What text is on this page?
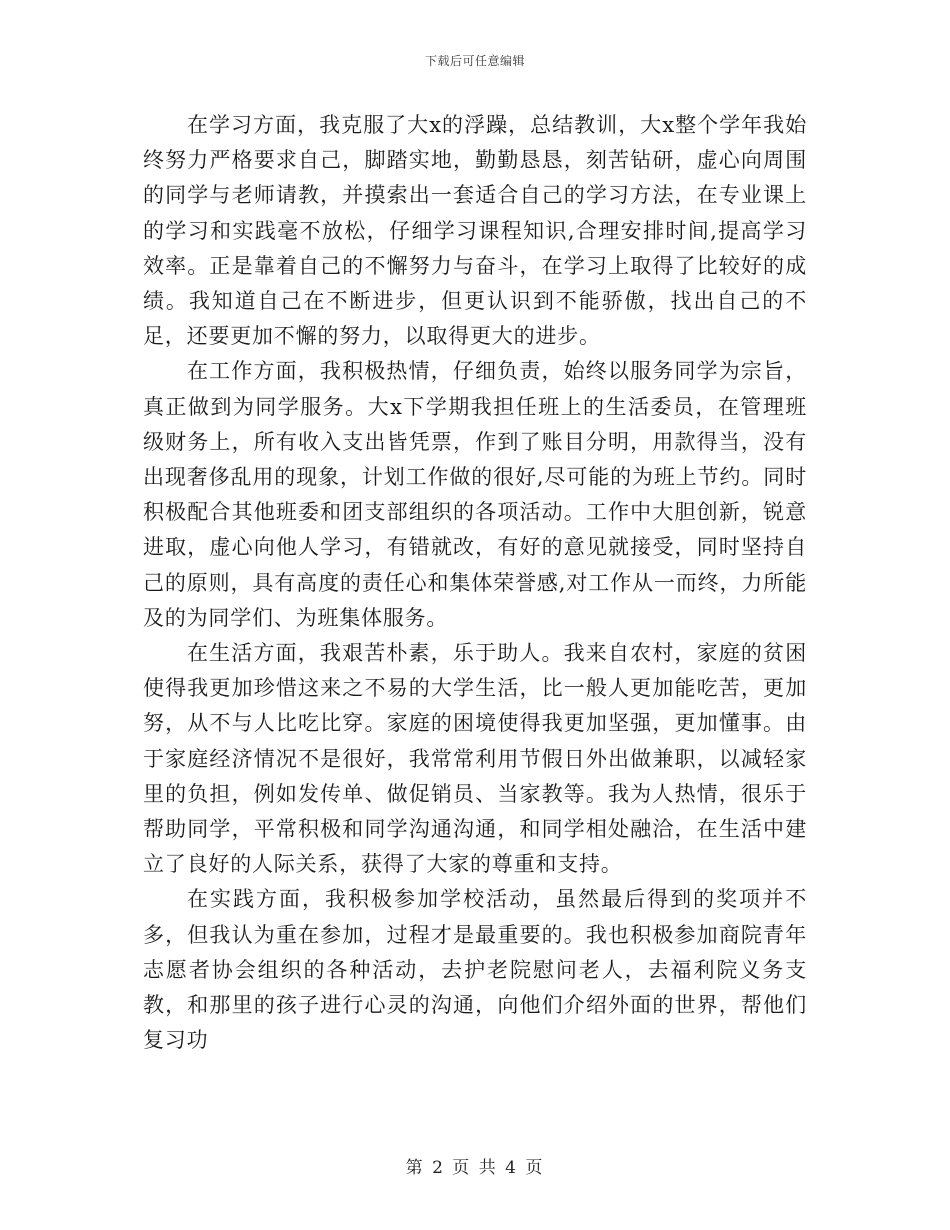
下载后可任意编辑

在学习方面，我克服了大x的浮躁，总结教训，大x整个学年我始终努力严格要求自己，脚踏实地，勤勤恳恳，刻苦钻研，虚心向周围的同学与老师请教，并摸索出一套适合自己的学习方法，在专业课上的学习和实践毫不放松，仔细学习课程知识,合理安排时间,提高学习效率。正是靠着自己的不懈努力与奋斗，在学习上取得了比较好的成绩。我知道自己在不断进步，但更认识到不能骄傲，找出自己的不足，还要更加不懈的努力，以取得更大的进步。

在工作方面，我积极热情，仔细负责，始终以服务同学为宗旨，真正做到为同学服务。大x下学期我担任班上的生活委员，在管理班级财务上，所有收入支出皆凭票，作到了账目分明，用款得当，没有出现奢侈乱用的现象，计划工作做的很好,尽可能的为班上节约。同时积极配合其他班委和团支部组织的各项活动。工作中大胆创新，锐意进取，虚心向他人学习，有错就改，有好的意见就接受，同时坚持自己的原则，具有高度的责任心和集体荣誉感,对工作从一而终，力所能及的为同学们、为班集体服务。

在生活方面，我艰苦朴素，乐于助人。我来自农村，家庭的贫困使得我更加珍惜这来之不易的大学生活，比一般人更加能吃苦，更加努，从不与人比吃比穿。家庭的困境使得我更加坚强，更加懂事。由于家庭经济情况不是很好，我常常利用节假日外出做兼职，以减轻家里的负担，例如发传单、做促销员、当家教等。我为人热情，很乐于帮助同学，平常积极和同学沟通沟通，和同学相处融洽，在生活中建立了良好的人际关系，获得了大家的尊重和支持。

在实践方面，我积极参加学校活动，虽然最后得到的奖项并不多，但我认为重在参加，过程才是最重要的。我也积极参加商院青年志愿者协会组织的各种活动，去护老院慰问老人，去福利院义务支教，和那里的孩子进行心灵的沟通，向他们介绍外面的世界，帮他们复习功

第 2 页 共 4 页
